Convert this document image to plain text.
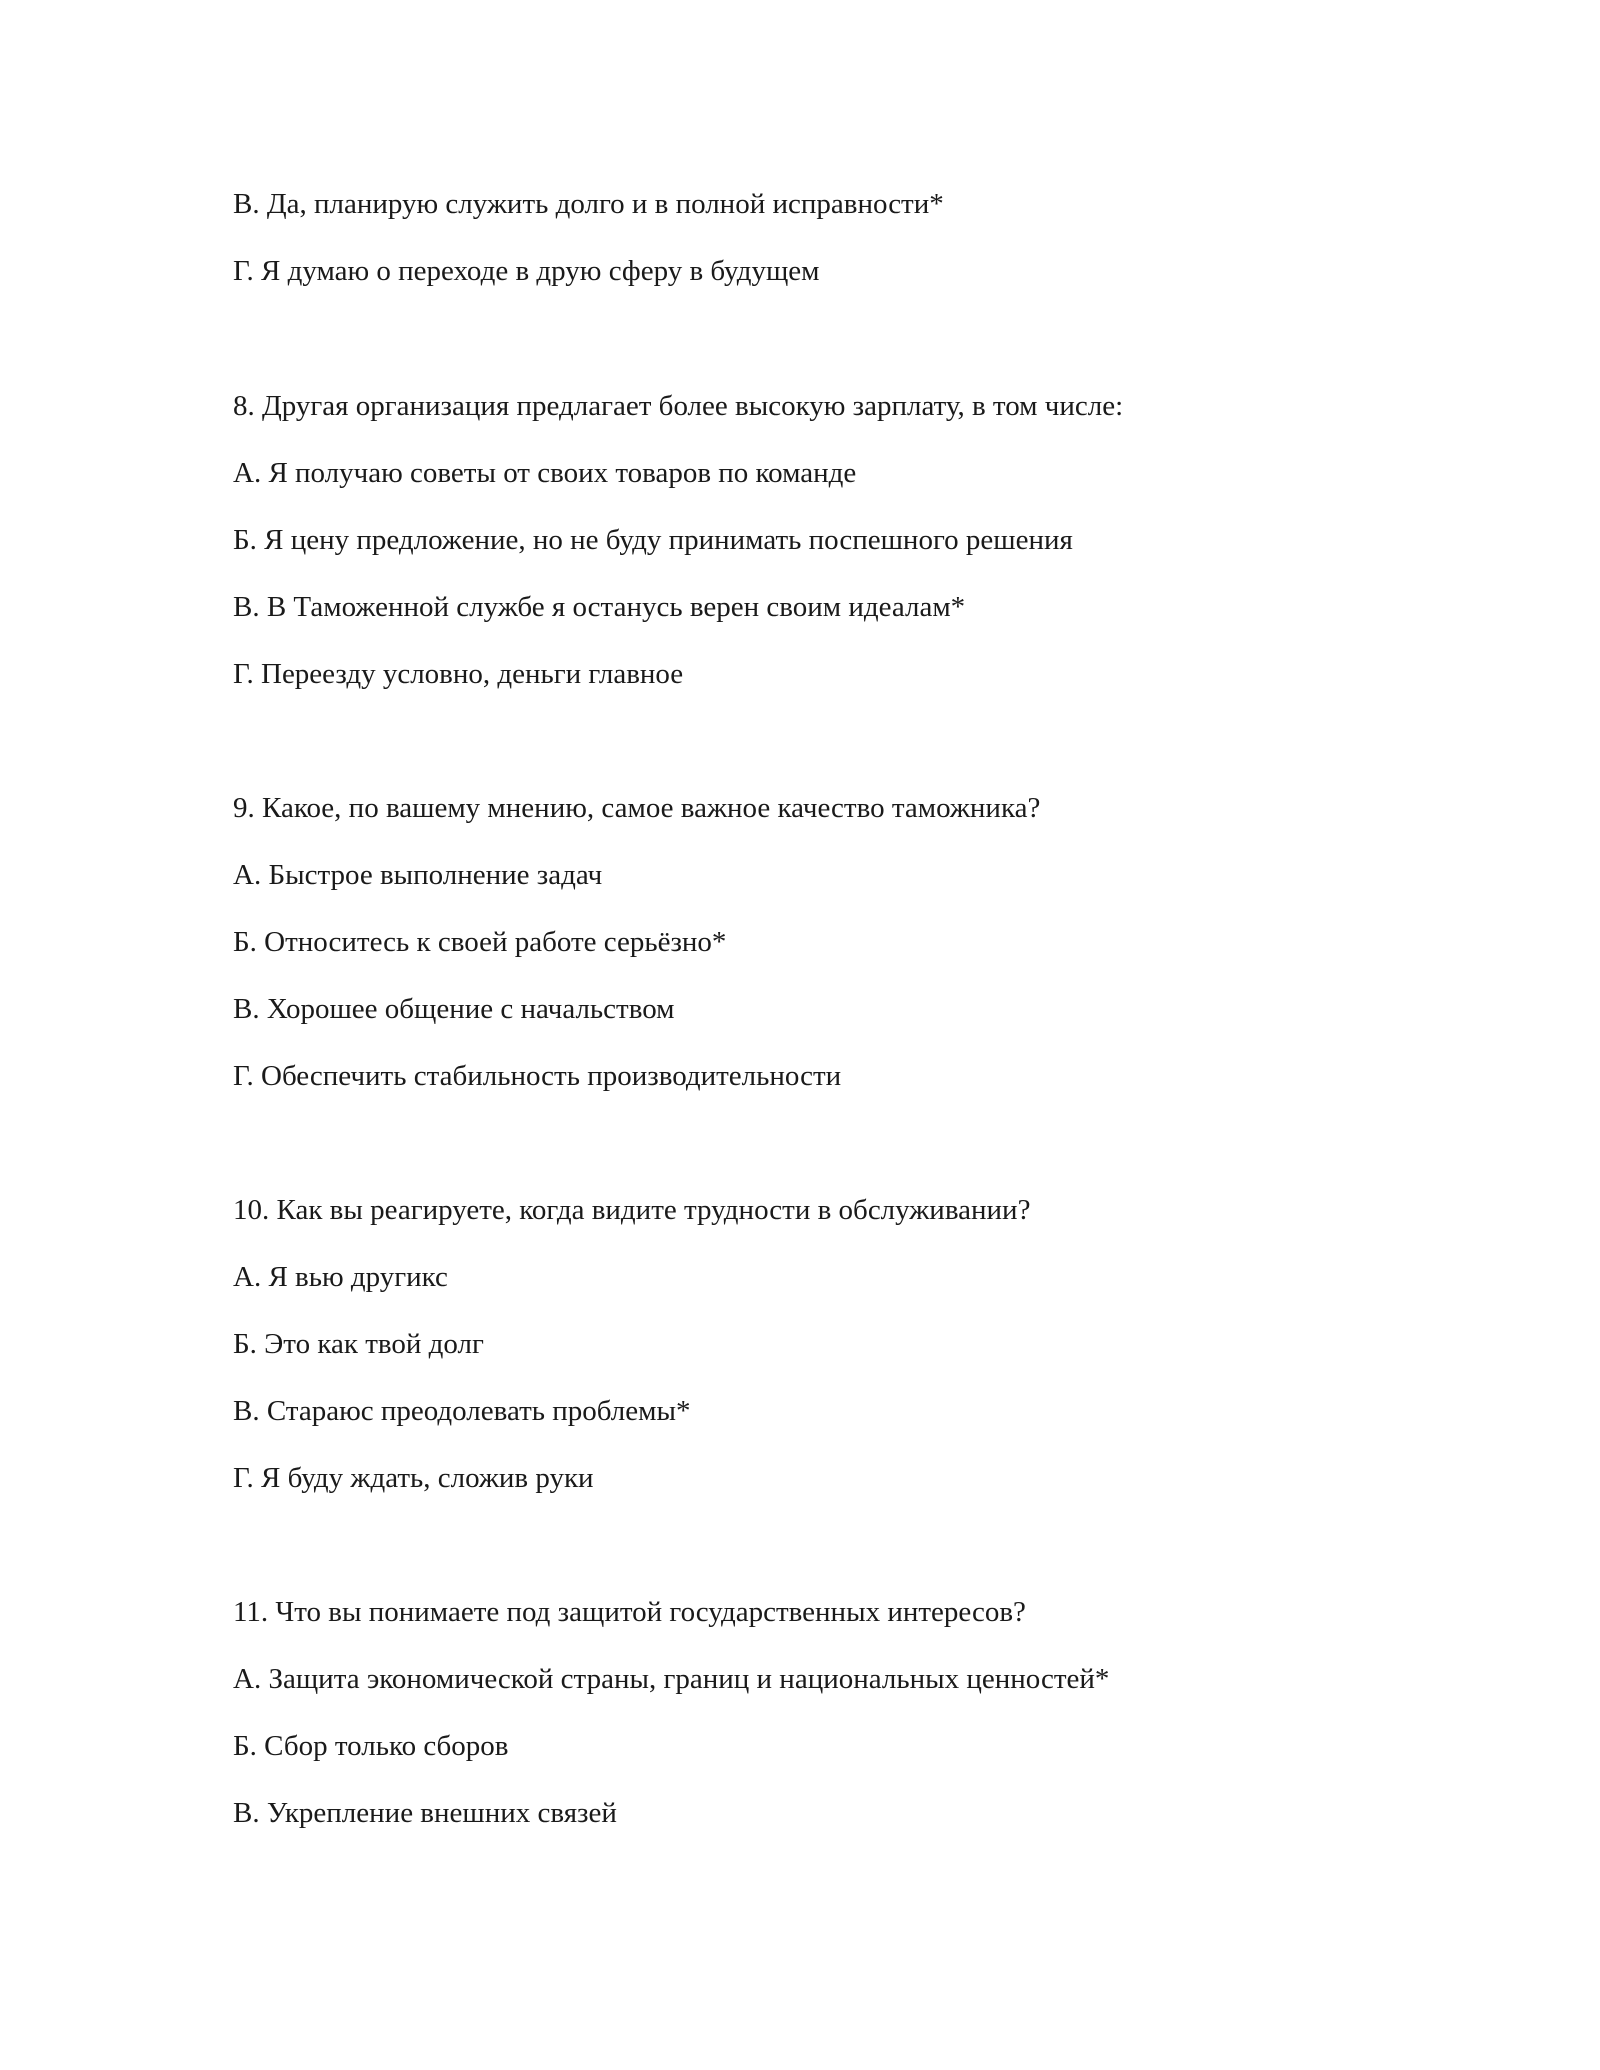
В. Да, планирую служить долго и в полной исправности*
Г. Я думаю о переходе в друю сферу в будущем
8. Другая организация предлагает более высокую зарплату, в том числе:
А. Я получаю советы от своих товаров по команде
Б. Я цену предложение, но не буду принимать поспешного решения
В. В Таможенной службе я останусь верен своим идеалам*
Г. Переезду условно, деньги главное
9. Какое, по вашему мнению, самое важное качество таможника?
А. Быстрое выполнение задач
Б. Относитесь к своей работе серьёзно*
В. Хорошее общение с начальством
Г. Обеспечить стабильность производительности
10. Как вы реагируете, когда видите трудности в обслуживании?
А. Я вью другикс
Б. Это как твой долг
В. Стараюс преодолевать проблемы*
Г. Я буду ждать, сложив руки
11. Что вы понимаете под защитой государственных интересов?
А. Защита экономической страны, границ и национальных ценностей*
Б. Сбор только сборов
В. Укрепление внешних связей
